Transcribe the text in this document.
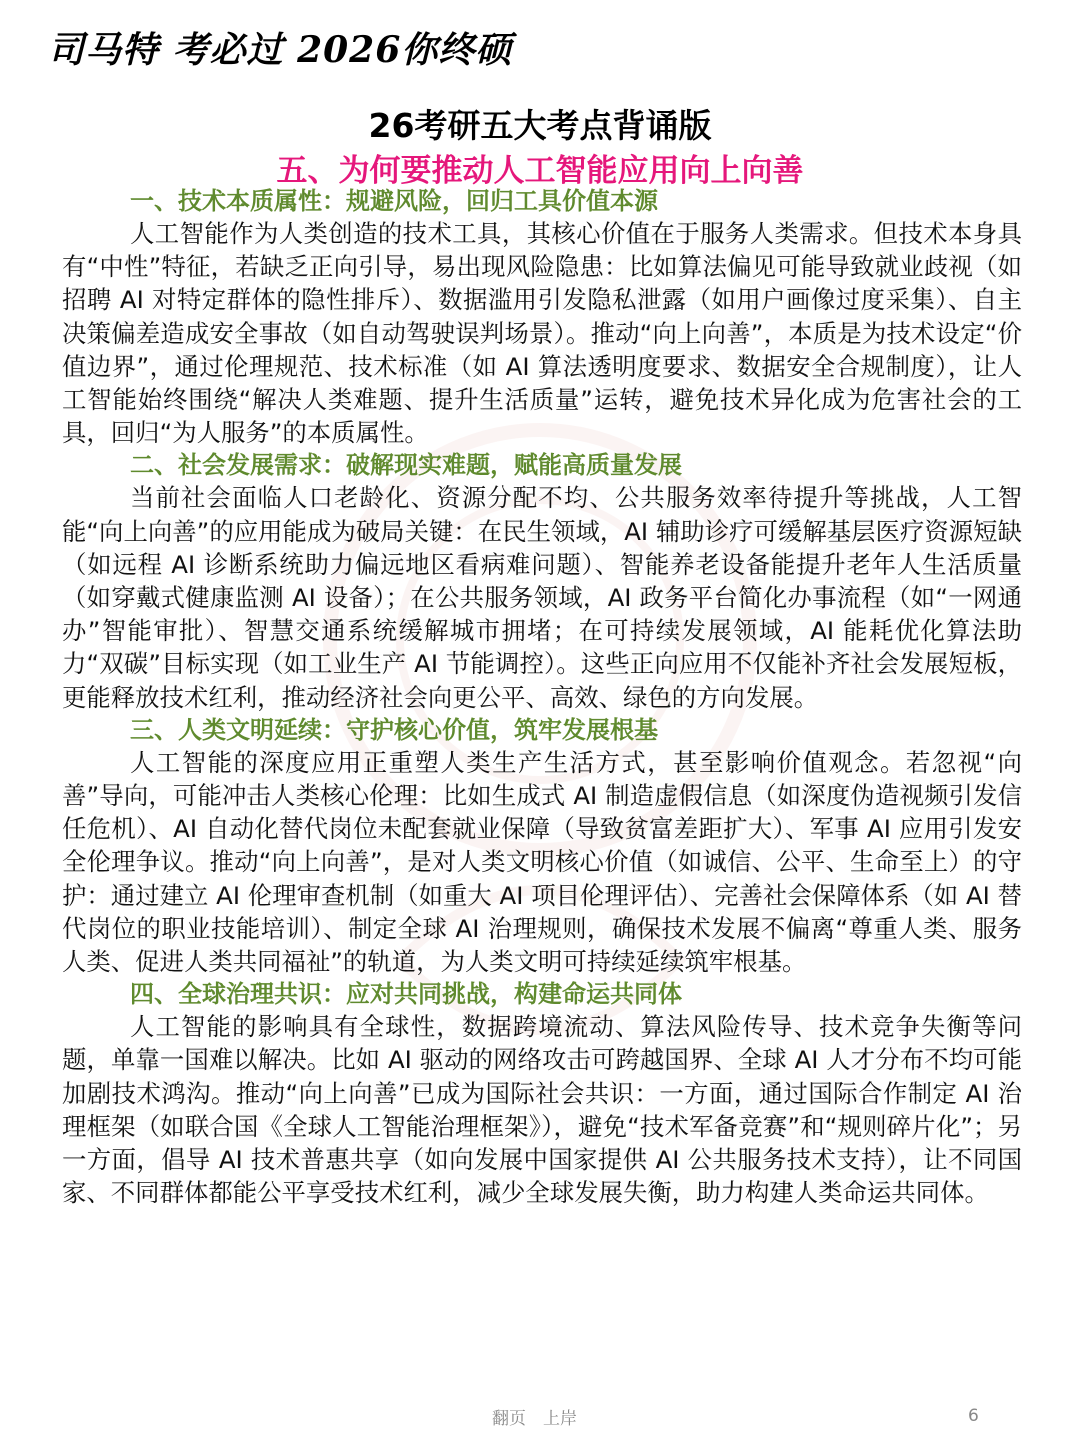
司马特 考必过 2026你终硕
26考研五大考点背诵版
五、为何要推动人工智能应用向上向善
一、技术本质属性：规避风险，回归工具价值本源
人工智能作为人类创造的技术工具，其核心价值在于服务人类需求。但技术本身具有“中性”特征，若缺乏正向引导，易出现风险隐患：比如算法偏见可能导致就业歧视（如招聘 AI 对特定群体的隐性排斥）、数据滥用引发隐私泄露（如用户画像过度采集）、自主决策偏差造成安全事故（如自动驾驶误判场景）。推动“向上向善”，本质是为技术设定“价值边界”，通过伦理规范、技术标准（如 AI 算法透明度要求、数据安全合规制度），让人工智能始终围绕“解决人类难题、提升生活质量”运转，避免技术异化成为危害社会的工具，回归“为人服务”的本质属性。
二、社会发展需求：破解现实难题，赋能高质量发展
当前社会面临人口老龄化、资源分配不均、公共服务效率待提升等挑战，人工智能“向上向善”的应用能成为破局关键：在民生领域，AI 辅助诊疗可缓解基层医疗资源短缺（如远程 AI 诊断系统助力偏远地区看病难问题）、智能养老设备能提升老年人生活质量（如穿戴式健康监测 AI 设备）；在公共服务领域，AI 政务平台简化办事流程（如“一网通办”智能审批）、智慧交通系统缓解城市拥堵；在可持续发展领域，AI 能耗优化算法助力“双碳”目标实现（如工业生产 AI 节能调控）。这些正向应用不仅能补齐社会发展短板，更能释放技术红利，推动经济社会向更公平、高效、绿色的方向发展。
三、人类文明延续：守护核心价值，筑牢发展根基
人工智能的深度应用正重塑人类生产生活方式，甚至影响价值观念。若忽视“向善”导向，可能冲击人类核心伦理：比如生成式 AI 制造虚假信息（如深度伪造视频引发信任危机）、AI 自动化替代岗位未配套就业保障（导致贫富差距扩大）、军事 AI 应用引发安全伦理争议。推动“向上向善”，是对人类文明核心价值（如诚信、公平、生命至上）的守护：通过建立 AI 伦理审查机制（如重大 AI 项目伦理评估）、完善社会保障体系（如 AI 替代岗位的职业技能培训）、制定全球 AI 治理规则，确保技术发展不偏离“尊重人类、服务人类、促进人类共同福祉”的轨道，为人类文明可持续延续筑牢根基。
四、全球治理共识：应对共同挑战，构建命运共同体
人工智能的影响具有全球性，数据跨境流动、算法风险传导、技术竞争失衡等问题，单靠一国难以解决。比如 AI 驱动的网络攻击可跨越国界、全球 AI 人才分布不均可能加剧技术鸿沟。推动“向上向善”已成为国际社会共识：一方面，通过国际合作制定 AI 治理框架（如联合国《全球人工智能治理框架》），避免“技术军备竞赛”和“规则碎片化”；另一方面，倡导 AI 技术普惠共享（如向发展中国家提供 AI 公共服务技术支持），让不同国家、不同群体都能公平享受技术红利，减少全球发展失衡，助力构建人类命运共同体。
翻页　上岸	6
